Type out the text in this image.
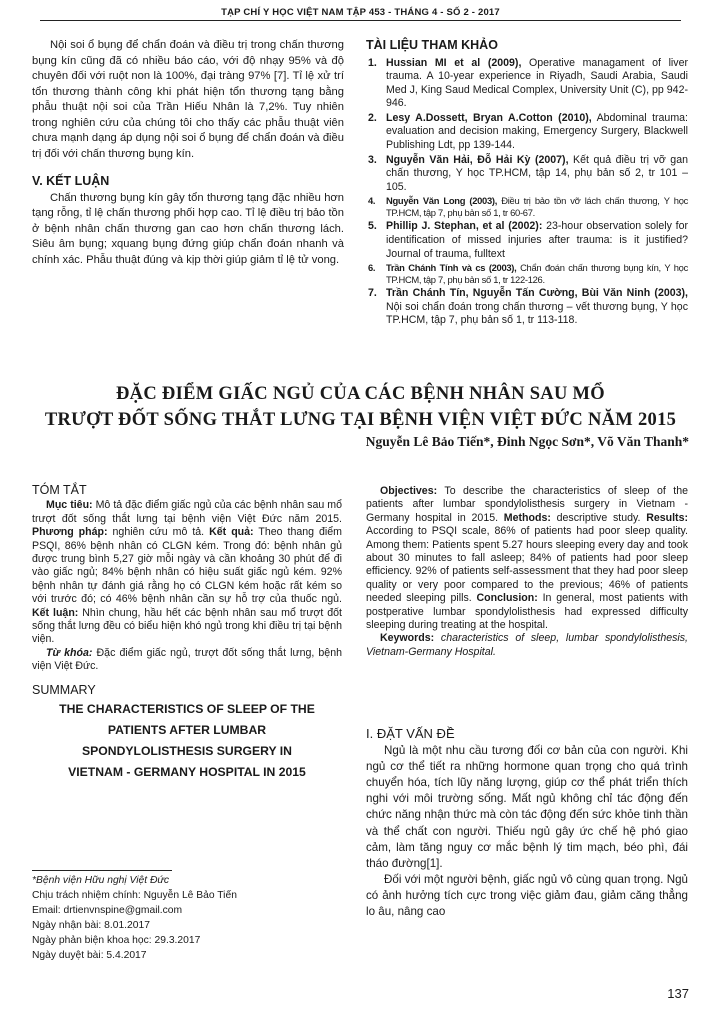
TẠP CHÍ Y HỌC VIỆT NAM TẬP 453 - THÁNG 4 - SỐ 2 - 2017

Nội soi ổ bụng để chẩn đoán và điều trị trong chấn thương bụng kín cũng đã có nhiều báo cáo, với độ nhạy 95% và độ chuyên đối với ruột non là 100%, đại tràng 97% [7]. Tỉ lệ xử trí tổn thương thành công khi phát hiện tổn thương tạng bằng phẫu thuật nội soi của Trần Hiếu Nhân là 7,2%. Tuy nhiên trong nghiên cứu của chúng tôi cho thấy các phẫu thuật viên chưa mạnh dạng áp dụng nội soi ổ bụng để chẩn đoán và điều trị đối với chấn thương bụng kín.

V. KẾT LUẬN

Chấn thương bụng kín gây tổn thương tạng đặc nhiều hơn tạng rỗng, tỉ lệ chấn thương phối hợp cao. Tỉ lệ điều trị bảo tồn ở bệnh nhân chấn thương gan cao hơn chấn thương lách. Siêu âm bụng; xquang bụng đứng giúp chẩn đoán nhanh và chính xác. Phẫu thuật đúng và kịp thời giúp giảm tỉ lệ tử vong.

TÀI LIỆU THAM KHẢO
1. Hussian MI et al (2009), Operative managament of liver trauma. A 10-year experience in Riyadh, Saudi Arabia, Saudi Med J, King Saud Medical Complex, University Unit (C), pp 942-946.
2. Lesy A.Dossett, Bryan A.Cotton (2010), Abdominal trauma: evaluation and decision making, Emergency Surgery, Blackwell Publishing Ldt, pp 139-144.
3. Nguyễn Văn Hải, Đỗ Hải Kỳ (2007), Kết quả điều trị vỡ gan chấn thương, Y học TP.HCM, tập 14, phụ bản số 2, tr 101 – 105.
4. Nguyễn Văn Long (2003), Điều trị bảo tồn vỡ lách chấn thương, Y học TP.HCM, tập 7, phụ bản số 1, tr 60-67.
5. Phillip J. Stephan, et al (2002): 23-hour observation solely for identification of missed injuries after trauma: is it justified? Journal of trauma, fulltext
6. Trần Chánh Tính và cs (2003), Chẩn đoán chấn thương bụng kín, Y học TP.HCM, tập 7, phụ bản số 1, tr 122-126.
7. Trần Chánh Tín, Nguyễn Tấn Cường, Bùi Văn Ninh (2003), Nội soi chẩn đoán trong chấn thương – vết thương bụng, Y học TP.HCM, tập 7, phụ bản số 1, tr 113-118.
ĐẶC ĐIỂM GIẤC NGỦ CỦA CÁC BỆNH NHÂN SAU MỔ
TRƯỢT ĐỐT SỐNG THẮT LƯNG TẠI BỆNH VIỆN VIỆT ĐỨC NĂM 2015
Nguyễn Lê Bảo Tiến*, Đinh Ngọc Sơn*, Võ Văn Thanh*
TÓM TẮT

Mục tiêu: Mô tả đặc điểm giấc ngủ của các bệnh nhân sau mổ trượt đốt sống thắt lưng tại bệnh viện Việt Đức năm 2015. Phương pháp: nghiên cứu mô tả. Kết quả: Theo thang điểm PSQI, 86% bệnh nhân có CLGN kém. Trong đó: bệnh nhân gủ được trung bình 5,27 giờ mỗi ngày và cần khoảng 30 phút để đi vào giấc ngủ; 84% bệnh nhân có hiệu suất giấc ngủ kém. 92% bệnh nhân tự đánh giá rằng họ có CLGN kém hoặc rất kém so với trước đó; có 46% bệnh nhân cần sự hỗ trợ của thuốc ngủ. Kết luận: Nhìn chung, hầu hết các bệnh nhân sau mổ trượt đốt sống thắt lưng đều có biểu hiện khó ngủ trong khi điều trị tại bệnh viện.

Từ khóa: Đặc điểm giấc ngủ, trượt đốt sống thắt lưng, bệnh viện Việt Đức.

SUMMARY
THE CHARACTERISTICS OF SLEEP OF THE
PATIENTS AFTER LUMBAR
SPONDYLOLISTHESIS SURGERY IN
VIETNAM - GERMANY HOSPITAL IN 2015

Objectives: To describe the characteristics of sleep of the patients after lumbar spondylolisthesis surgery in Vietnam - Germany hospital in 2015. Methods: descriptive study. Results: According to PSQI scale, 86% of patients had poor sleep quality. Among them: Patients spent 5.27 hours sleeping every day and took about 30 minutes to fall asleep; 84% of patients had poor sleep efficiency. 92% of patients self-assessment that they had poor sleep quality or very poor compared to the previous; 46% of patients needed sleeping pills. Conclusion: In general, most patients with postperative lumbar spondylolisthesis had expressed difficulty sleeping during treating at the hospital.

Keywords: characteristics of sleep, lumbar spondylolisthesis, Vietnam-Germany Hospital.

I. ĐẶT VẤN ĐỀ

Ngủ là một nhu cầu tương đối cơ bản của con người. Khi ngủ cơ thể tiết ra những hormone quan trọng cho quá trình chuyển hóa, tích lũy năng lượng, giúp cơ thể phát triển thích nghi với môi trường sống. Mất ngủ không chỉ tác động đến chức năng nhận thức mà còn tác động đến sức khỏe tinh thần và thể chất con người. Thiếu ngủ gây ức chế hệ phó giao cảm, làm tăng nguy cơ mắc bệnh lý tim mạch, béo phì, đái tháo đường[1].

Đối với một người bệnh, giấc ngủ vô cùng quan trọng. Ngủ có ảnh hưởng tích cực trong việc giảm đau, giảm căng thẳng lo âu, nâng cao

*Bệnh viện Hữu nghị Việt Đức
Chịu trách nhiệm chính: Nguyễn Lê Bảo Tiến
Email: drtienvnspine@gmail.com
Ngày nhận bài: 8.01.2017
Ngày phản biện khoa học: 29.3.2017
Ngày duyệt bài: 5.4.2017
137
